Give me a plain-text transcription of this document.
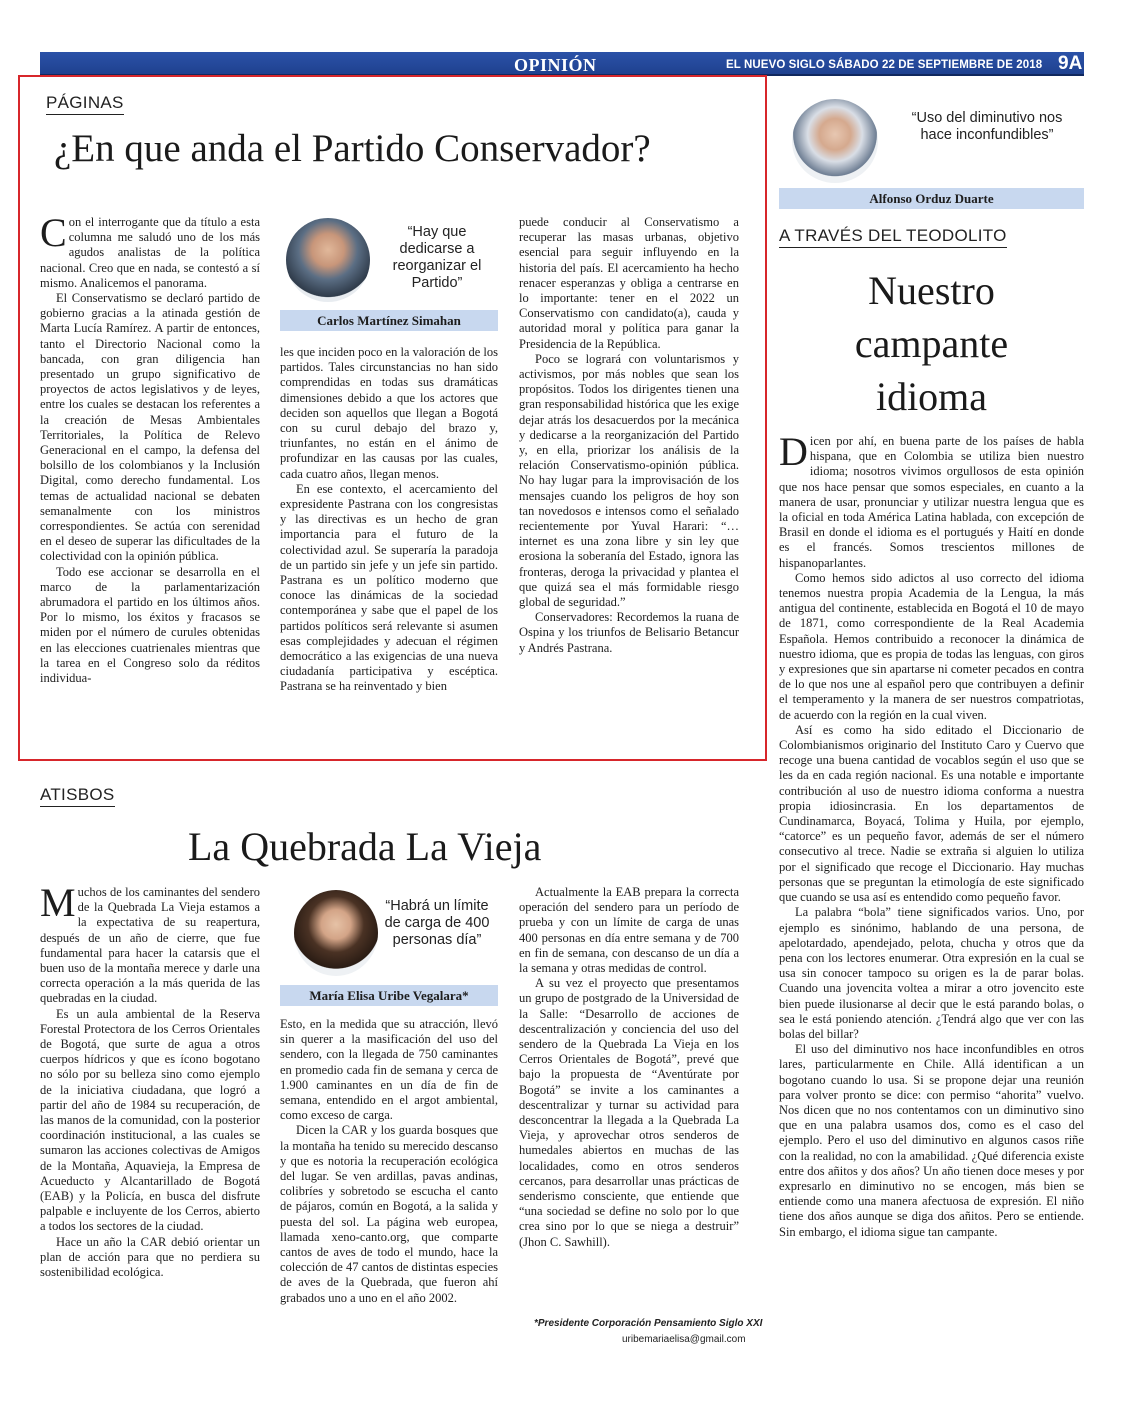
OPINIÓN	EL NUEVO SIGLO SÁBADO 22 DE SEPTIEMBRE DE 2018 9A
PÁGINAS
¿En que anda el Partido Conservador?

Con el interrogante que da título a esta columna me saludó uno de los más agudos analistas de la política nacional. Creo que en nada, se contestó a sí mismo. Analicemos el panorama.

El Conservatismo se declaró partido de gobierno gracias a la atinada gestión de Marta Lucía Ramírez. A partir de entonces, tanto el Directorio Nacional como la bancada, con gran diligencia han presentado un grupo significativo de proyectos de actos legislativos y de leyes, entre los cuales se destacan los referentes a la creación de Mesas Ambientales Territoriales, la Política de Relevo Generacional en el campo, la defensa del bolsillo de los colombianos y la Inclusión Digital, como derecho fundamental. Los temas de actualidad nacional se debaten semanalmente con los ministros correspondientes. Se actúa con serenidad en el deseo de superar las dificultades de la colectividad con la opinión pública.

Todo ese accionar se desarrolla en el marco de la parlamentarización abrumadora el partido en los últimos años. Por lo mismo, los éxitos y fracasos se miden por el número de curules obtenidas en las elecciones cuatrienales mientras que la tarea en el Congreso solo da réditos individua-

“Hay que dedicarse a reorganizar el Partido”
Carlos Martínez Simahan

les que inciden poco en la valoración de los partidos. Tales circunstancias no han sido comprendidas en todas sus dramáticas dimensiones debido a que los actores que deciden son aquellos que llegan a Bogotá con su curul debajo del brazo y, triunfantes, no están en el ánimo de profundizar en las causas por las cuales, cada cuatro años, llegan menos.

En ese contexto, el acercamiento del expresidente Pastrana con los congresistas y las directivas es un hecho de gran importancia para el futuro de la colectividad azul. Se superaría la paradoja de un partido sin jefe y un jefe sin partido. Pastrana es un político moderno que conoce las dinámicas de la sociedad contemporánea y sabe que el papel de los partidos políticos será relevante si asumen esas complejidades y adecuan el régimen democrático a las exigencias de una nueva ciudadanía participativa y escéptica. Pastrana se ha reinventado y bien

puede conducir al Conservatismo a recuperar las masas urbanas, objetivo esencial para seguir influyendo en la historia del país. El acercamiento ha hecho renacer esperanzas y obliga a centrarse en lo importante: tener en el 2022 un Conservatismo con candidato(a), cauda y autoridad moral y política para ganar la Presidencia de la República.

Poco se logrará con voluntarismos y activismos, por más nobles que sean los propósitos. Todos los dirigentes tienen una gran responsabilidad histórica que les exige dejar atrás los desacuerdos por la mecánica y dedicarse a la reorganización del Partido y, en ella, priorizar los análisis de la relación Conservatismo-opinión pública. No hay lugar para la improvisación de los mensajes cuando los peligros de hoy son tan novedosos e intensos como el señalado recientemente por Yuval Harari: “… internet es una zona libre y sin ley que erosiona la soberanía del Estado, ignora las fronteras, deroga la privacidad y plantea el que quizá sea el más formidable riesgo global de seguridad.”

Conservadores: Recordemos la ruana de Ospina y los triunfos de Belisario Betancur y Andrés Pastrana.

ATISBOS
La Quebrada La Vieja

Muchos de los caminantes del sendero de la Quebrada La Vieja estamos a la expectativa de su reapertura, después de un año de cierre, que fue fundamental para hacer la catarsis que el buen uso de la montaña merece y darle una correcta operación a la más querida de las quebradas en la ciudad.

Es un aula ambiental de la Reserva Forestal Protectora de los Cerros Orientales de Bogotá, que surte de agua a otros cuerpos hídricos y que es ícono bogotano no sólo por su belleza sino como ejemplo de la iniciativa ciudadana, que logró a partir del año de 1984 su recuperación, de las manos de la comunidad, con la posterior coordinación institucional, a las cuales se sumaron las acciones colectivas de Amigos de la Montaña, Aquavieja, la Empresa de Acueducto y Alcantarillado de Bogotá (EAB) y la Policía, en busca del disfrute palpable e incluyente de los Cerros, abierto a todos los sectores de la ciudad.

Hace un año la CAR debió orientar un plan de acción para que no perdiera su sostenibilidad ecológica.

“Habrá un límite de carga de 400 personas día”
María Elisa Uribe Vegalara*

Esto, en la medida que su atracción, llevó sin querer a la masificación del uso del sendero, con la llegada de 750 caminantes en promedio cada fin de semana y cerca de 1.900 caminantes en un día de fin de semana, entendido en el argot ambiental, como exceso de carga.

Dicen la CAR y los guarda bosques que la montaña ha tenido su merecido descanso y que es notoria la recuperación ecológica del lugar. Se ven ardillas, pavas andinas, colibríes y sobretodo se escucha el canto de pájaros, común en Bogotá, a la salida y puesta del sol. La página web europea, llamada xeno-canto.org, que comparte cantos de aves de todo el mundo, hace la colección de 47 cantos de distintas especies de aves de la Quebrada, que fueron ahí grabados uno a uno en el año 2002.

Actualmente la EAB prepara la correcta operación del sendero para un período de prueba y con un límite de carga de unas 400 personas en día entre semana y de 700 en fin de semana, con descanso de un día a la semana y otras medidas de control.

A su vez el proyecto que presentamos un grupo de postgrado de la Universidad de la Salle: “Desarrollo de acciones de descentralización y conciencia del uso del sendero de la Quebrada La Vieja en los Cerros Orientales de Bogotá”, prevé que bajo la propuesta de “Aventúrate por Bogotá” se invite a los caminantes a descentralizar y turnar su actividad para desconcentrar la llegada a la Quebrada La Vieja, y aprovechar otros senderos de humedales abiertos en muchas de las localidades, como en otros senderos cercanos, para desarrollar unas prácticas de senderismo consciente, que entiende que “una sociedad se define no solo por lo que crea sino por lo que se niega a destruir” (Jhon C. Sawhill).

*Presidente Corporación Pensamiento Siglo XXI
uribemariaelisa@gmail.com
“Uso del diminutivo nos hace inconfundibles”
Alfonso Orduz Duarte
A TRAVÉS DEL TEODOLITO
Nuestro
campante
idioma

Dicen por ahí, en buena parte de los países de habla hispana, que en Colombia se utiliza bien nuestro idioma; nosotros vivimos orgullosos de esta opinión que nos hace pensar que somos especiales, en cuanto a la manera de usar, pronunciar y utilizar nuestra lengua que es la oficial en toda América Latina hablada, con excepción de Brasil en donde el idioma es el portugués y Haití en donde es el francés. Somos trescientos millones de hispanoparlantes.

Como hemos sido adictos al uso correcto del idioma tenemos nuestra propia Academia de la Lengua, la más antigua del continente, establecida en Bogotá el 10 de mayo de 1871, como correspondiente de la Real Academia Española. Hemos contribuido a reconocer la dinámica de nuestro idioma, que es propia de todas las lenguas, con giros y expresiones que sin apartarse ni cometer pecados en contra de lo que nos une al español pero que contribuyen a definir el temperamento y la manera de ser nuestros compatriotas, de acuerdo con la región en la cual viven.

Así es como ha sido editado el Diccionario de Colombianismos originario del Instituto Caro y Cuervo que recoge una buena cantidad de vocablos según el uso que se les da en cada región nacional. Es una notable e importante contribución al uso de nuestro idioma conforma a nuestra propia idiosincrasia. En los departamentos de Cundinamarca, Boyacá, Tolima y Huila, por ejemplo, “catorce” es un pequeño favor, además de ser el número consecutivo al trece. Nadie se extraña si alguien lo utiliza por el significado que recoge el Diccionario. Hay muchas personas que se preguntan la etimología de este significado que cuando se usa así es entendido como pequeño favor.

La palabra “bola” tiene significados varios. Uno, por ejemplo es sinónimo, hablando de una persona, de apelotardado, apendejado, pelota, chucha y otros que da pena con los lectores enumerar. Otra expresión en la cual se usa sin conocer tampoco su origen es la de parar bolas. Cuando una jovencita voltea a mirar a otro jovencito este bien puede ilusionarse al decir que le está parando bolas, o sea le está poniendo atención. ¿Tendrá algo que ver con las bolas del billar?

El uso del diminutivo nos hace inconfundibles en otros lares, particularmente en Chile. Allá identifican a un bogotano cuando lo usa. Si se propone dejar una reunión para volver pronto se dice: con permiso “ahorita” vuelvo. Nos dicen que no nos contentamos con un diminutivo sino que en una palabra usamos dos, como es el caso del ejemplo. Pero el uso del diminutivo en algunos casos riñe con la realidad, no con la amabilidad. ¿Qué diferencia existe entre dos añitos y dos años? Un año tienen doce meses y por expresarlo en diminutivo no se encogen, más bien se entiende como una manera afectuosa de expresión. El niño tiene dos años aunque se diga dos añitos. Pero se entiende. Sin embargo, el idioma sigue tan campante.
